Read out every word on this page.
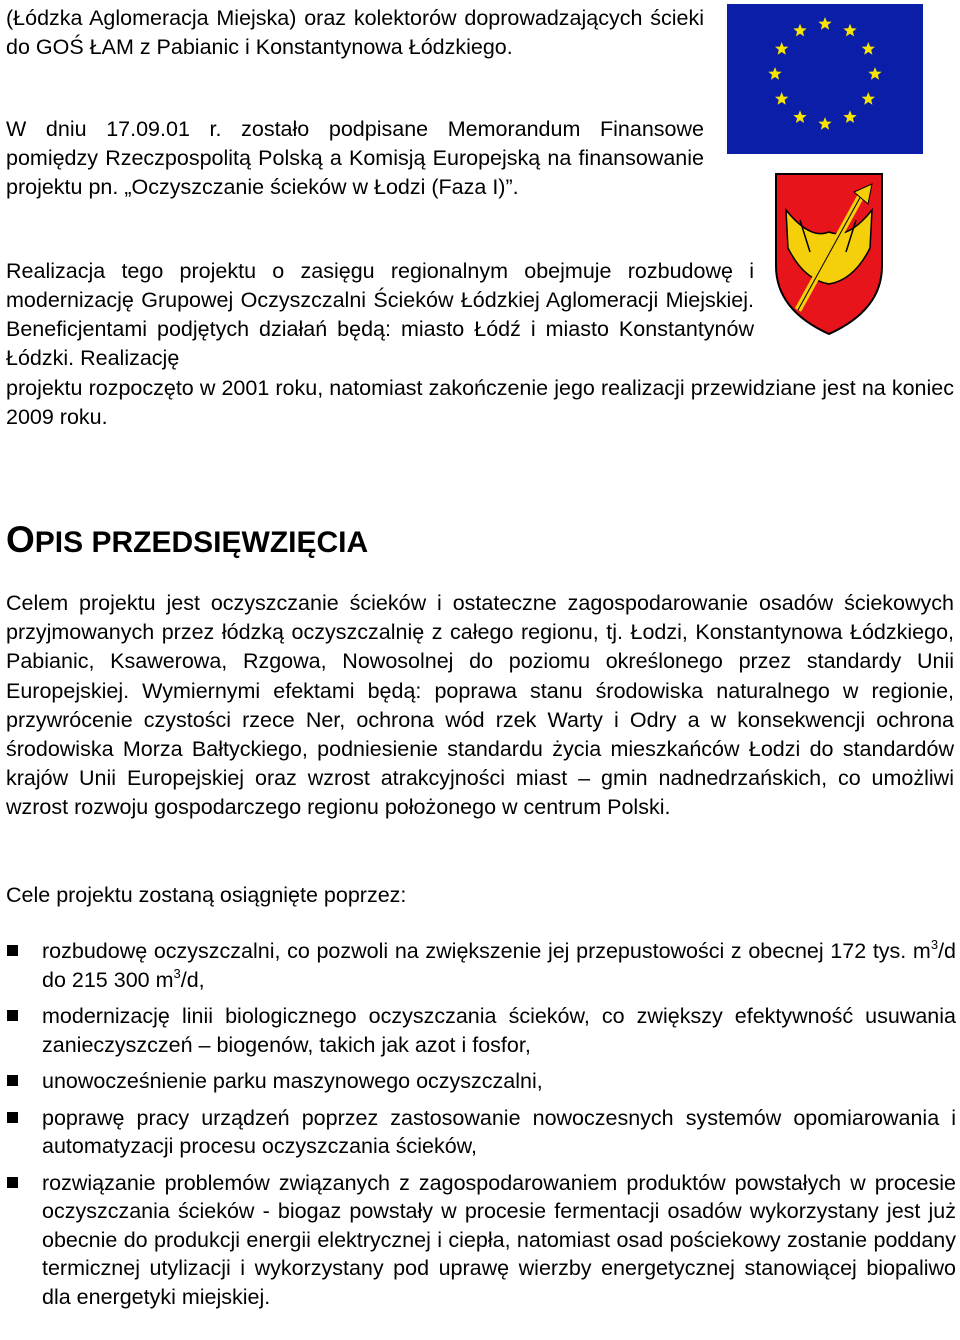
(Łódzka Aglomeracja Miejska) oraz kolektorów doprowadzających ścieki do GOŚ ŁAM z Pabianic i Konstantynowa Łódzkiego.

W dniu 17.09.01 r. zostało podpisane Memorandum Finansowe pomiędzy Rzeczpospolitą Polską a Komisją Europejską na finansowanie projektu pn. „Oczyszczanie ścieków w Łodzi (Faza I)”.

Realizacja tego projektu o zasięgu regionalnym obejmuje rozbudowę i modernizację Grupowej Oczyszczalni Ścieków Łódzkiej Aglomeracji Miejskiej. Beneficjentami podjętych działań będą: miasto Łódź i miasto Konstantynów Łódzki. Realizację

projektu rozpoczęto w 2001 roku, natomiast zakończenie jego realizacji przewidziane jest na koniec 2009 roku.

OPIS PRZEDSIĘWZIĘCIA

Celem projektu jest oczyszczanie ścieków i ostateczne zagospodarowanie osadów ściekowych przyjmowanych przez łódzką oczyszczalnię z całego regionu, tj. Łodzi, Konstantynowa Łódzkiego, Pabianic, Ksawerowa, Rzgowa, Nowosolnej do poziomu określonego przez standardy Unii Europejskiej. Wymiernymi efektami będą: poprawa stanu środowiska naturalnego w regionie, przywrócenie czystości rzece Ner, ochrona wód rzek Warty i Odry a w konsekwencji ochrona środowiska Morza Bałtyckiego, podniesienie standardu życia mieszkańców Łodzi do standardów krajów Unii Europejskiej oraz wzrost atrakcyjności miast – gmin nadnedrzańskich, co umożliwi wzrost rozwoju gospodarczego regionu położonego w centrum Polski.

Cele projektu zostaną osiągnięte poprzez:

rozbudowę oczyszczalni, co pozwoli na zwiększenie jej przepustowości z obecnej 172 tys. $m^3/d$ do 215 300 $m^3/d$,
modernizację linii biologicznego oczyszczania ścieków, co zwiększy efektywność usuwania zanieczyszczeń – biogenów, takich jak azot i fosfor,
unowocześnienie parku maszynowego oczyszczalni,
poprawę pracy urządzeń poprzez zastosowanie nowoczesnych systemów opomiarowania i automatyzacji procesu oczyszczania ścieków,
rozwiązanie problemów związanych z zagospodarowaniem produktów powstałych w procesie oczyszczania ścieków - biogaz powstały w procesie fermentacji osadów wykorzystany jest już obecnie do produkcji energii elektrycznej i ciepła, natomiast osad pościekowy zostanie poddany termicznej utylizacji i wykorzystany pod uprawę wierzby energetycznej stanowiącej biopaliwo dla energetyki miejskiej.
